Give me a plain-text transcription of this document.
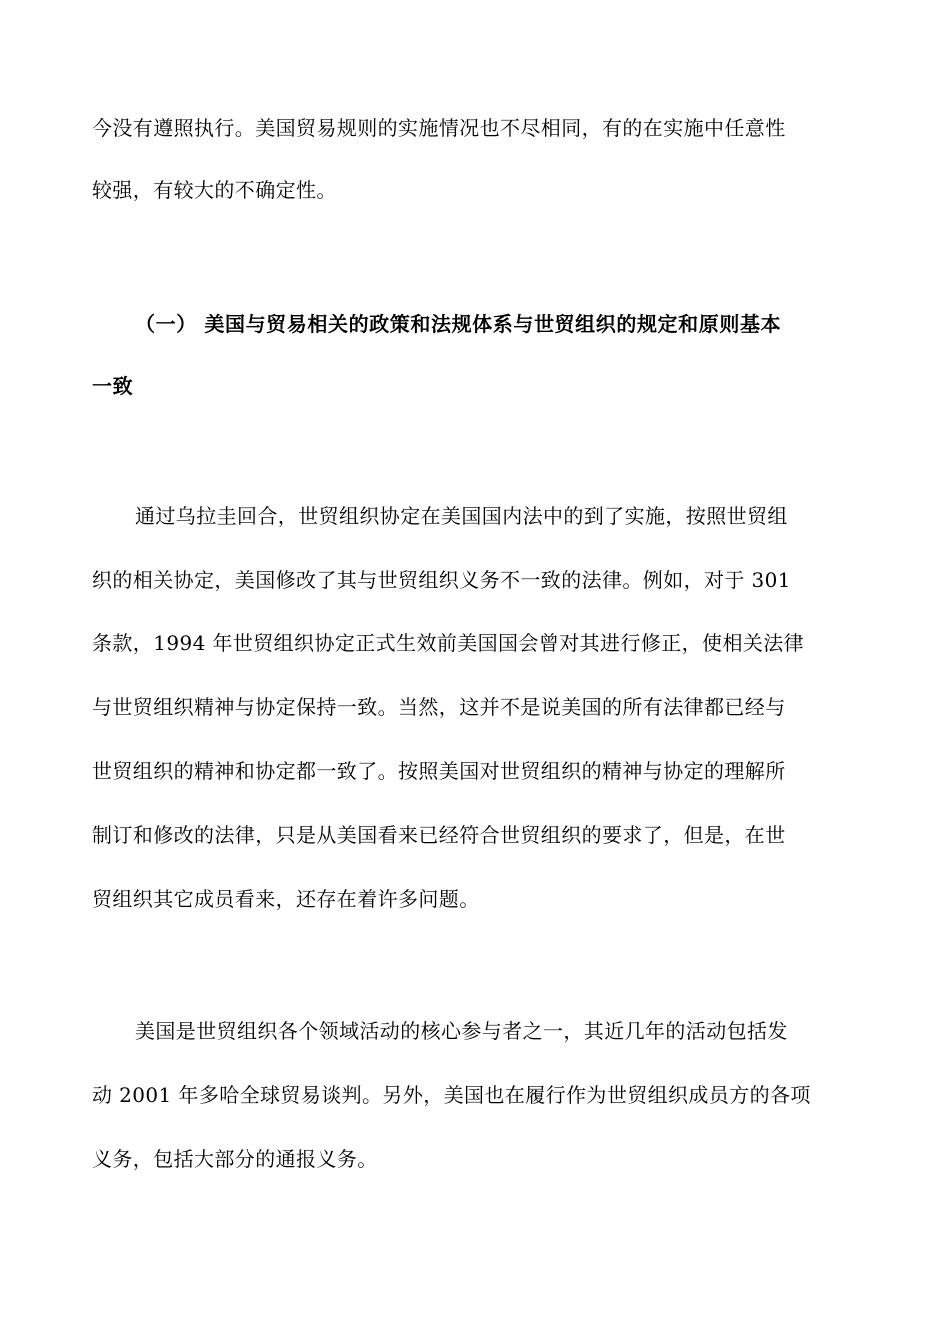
今没有遵照执行。美国贸易规则的实施情况也不尽相同，有的在实施中任意性
较强，有较大的不确定性。
（一） 美国与贸易相关的政策和法规体系与世贸组织的规定和原则基本
一致
通过乌拉圭回合，世贸组织协定在美国国内法中的到了实施，按照世贸组
织的相关协定，美国修改了其与世贸组织义务不一致的法律。例如，对于 301
条款，1994 年世贸组织协定正式生效前美国国会曾对其进行修正，使相关法律
与世贸组织精神与协定保持一致。当然，这并不是说美国的所有法律都已经与
世贸组织的精神和协定都一致了。按照美国对世贸组织的精神与协定的理解所
制订和修改的法律，只是从美国看来已经符合世贸组织的要求了，但是，在世
贸组织其它成员看来，还存在着许多问题。
美国是世贸组织各个领域活动的核心参与者之一，其近几年的活动包括发
动 2001 年多哈全球贸易谈判。另外，美国也在履行作为世贸组织成员方的各项
义务，包括大部分的通报义务。
